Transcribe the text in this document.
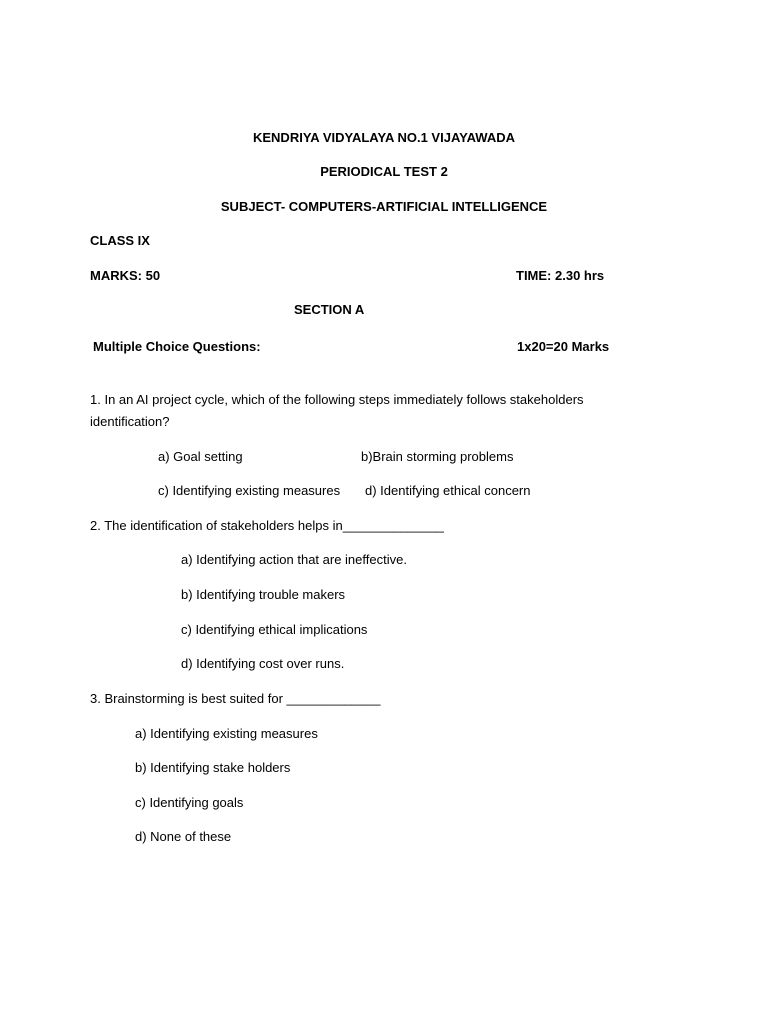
KENDRIYA VIDYALAYA NO.1 VIJAYAWADA
PERIODICAL TEST 2
SUBJECT- COMPUTERS-ARTIFICIAL INTELLIGENCE
CLASS IX
MARKS: 50	TIME: 2.30 hrs
SECTION A
Multiple Choice Questions:	1x20=20 Marks
1. In an AI project cycle, which of the following steps immediately follows stakeholders
identification?
a) Goal setting	b)Brain storming problems
c) Identifying existing measures d) Identifying ethical concern
2. The identification of stakeholders helps in______________
a) Identifying action that are ineffective.
b) Identifying trouble makers
c) Identifying ethical implications
d) Identifying cost over runs.
3. Brainstorming is best suited for _____________
a) Identifying existing measures
b) Identifying stake holders
c) Identifying goals
d) None of these
